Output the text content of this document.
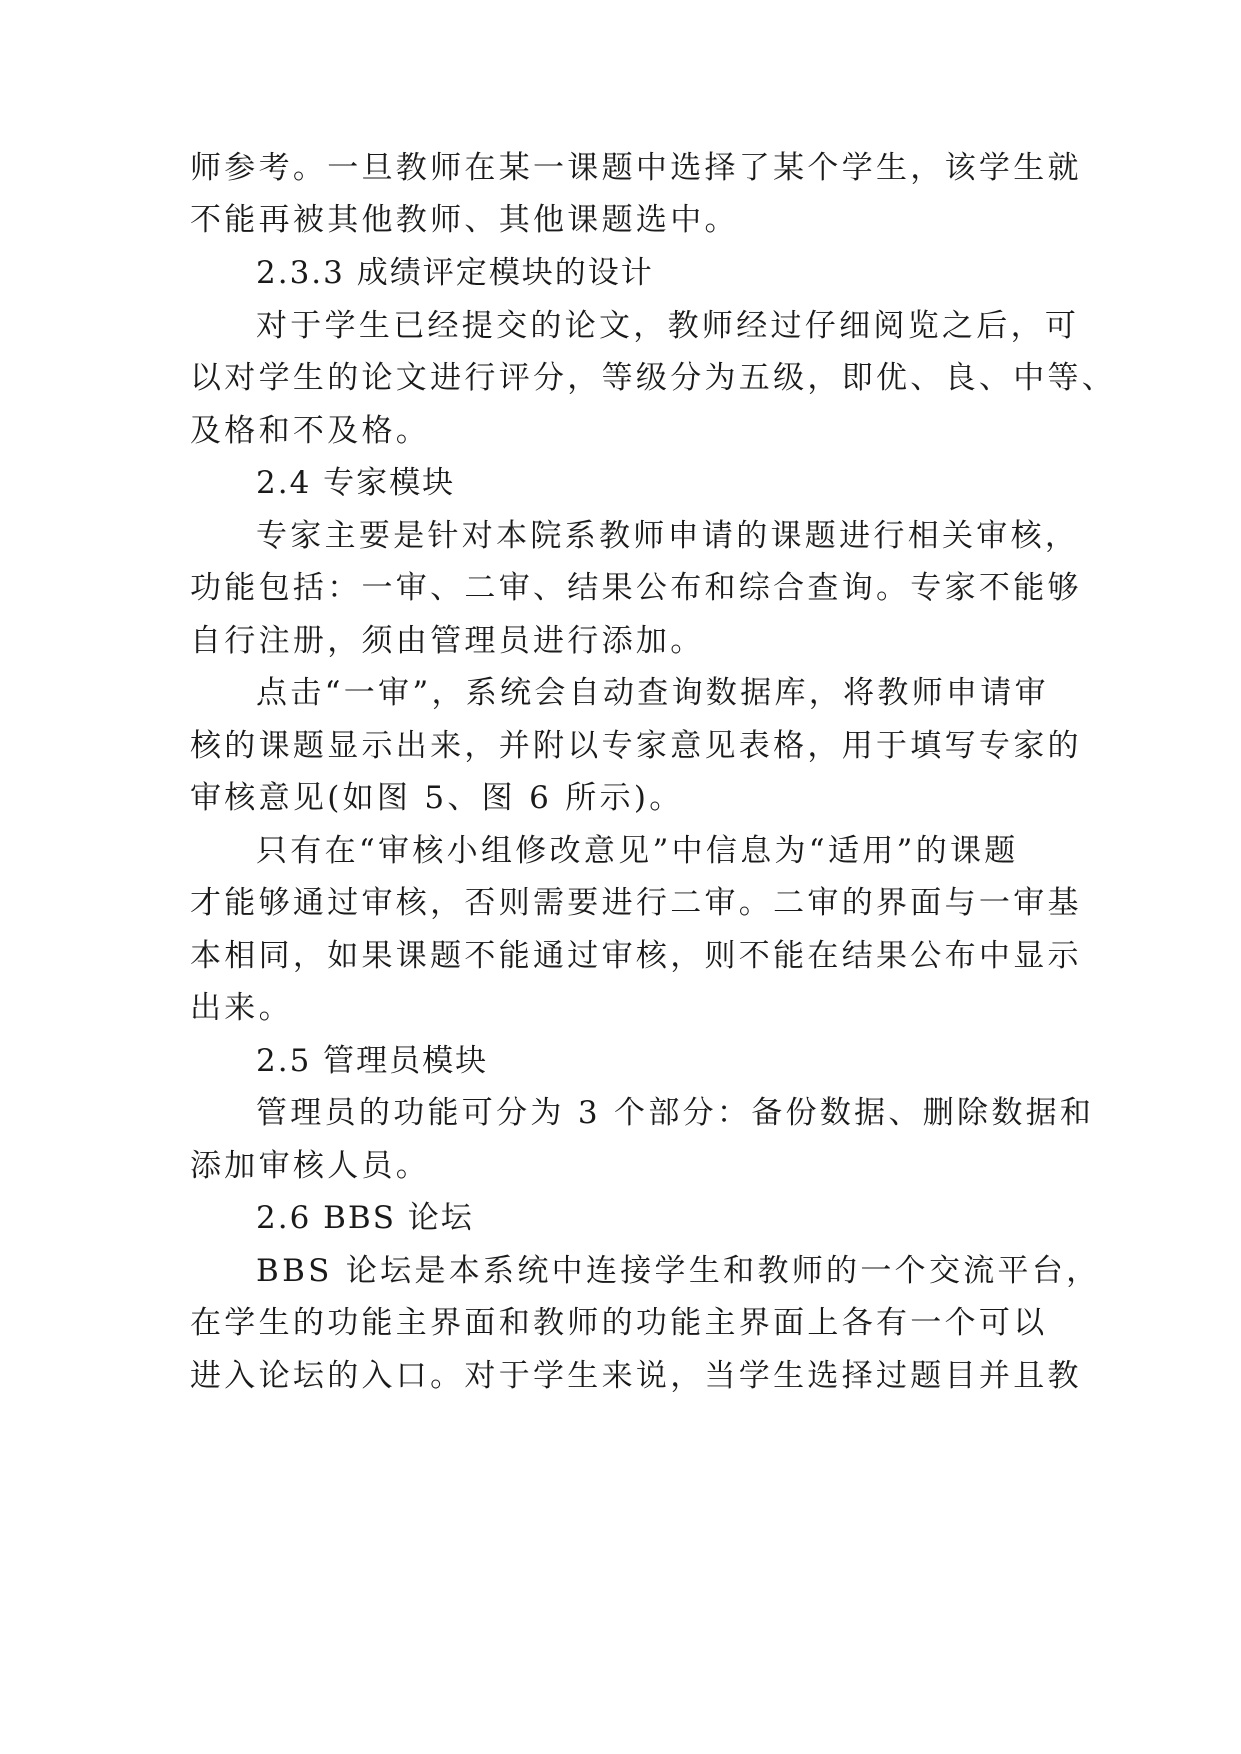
师参考。一旦教师在某一课题中选择了某个学生，该学生就
不能再被其他教师、其他课题选中。
2.3.3 成绩评定模块的设计
对于学生已经提交的论文，教师经过仔细阅览之后，可
以对学生的论文进行评分，等级分为五级，即优、良、中等、
及格和不及格。
2.4 专家模块
专家主要是针对本院系教师申请的课题进行相关审核，
功能包括：一审、二审、结果公布和综合查询。专家不能够
自行注册，须由管理员进行添加。
点击“一审”，系统会自动查询数据库，将教师申请审
核的课题显示出来，并附以专家意见表格，用于填写专家的
审核意见(如图 5、图 6 所示)。
只有在“审核小组修改意见”中信息为“适用”的课题
才能够通过审核，否则需要进行二审。二审的界面与一审基
本相同，如果课题不能通过审核，则不能在结果公布中显示
出来。
2.5 管理员模块
管理员的功能可分为 3 个部分：备份数据、删除数据和
添加审核人员。
2.6 BBS 论坛
BBS 论坛是本系统中连接学生和教师的一个交流平台，
在学生的功能主界面和教师的功能主界面上各有一个可以
进入论坛的入口。对于学生来说，当学生选择过题目并且教
